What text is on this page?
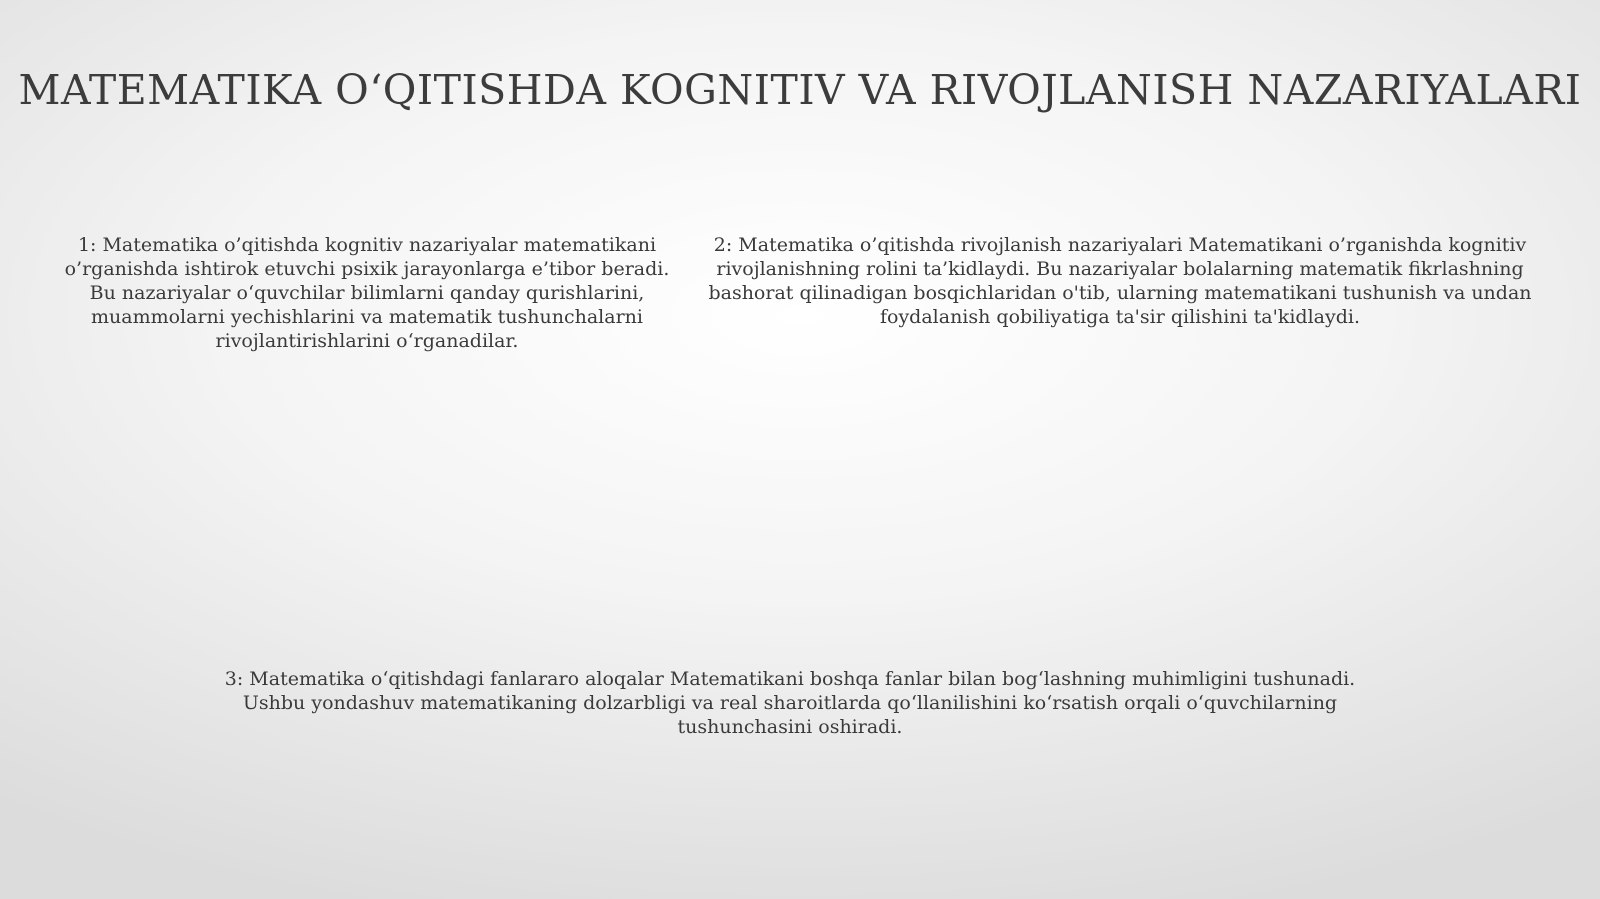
MATEMATIKA O‘QITISHDA KOGNITIV VA RIVOJLANISH NAZARIYALARI
1: Matematika o’qitishda kognitiv nazariyalar matematikani o’rganishda ishtirok etuvchi psixik jarayonlarga e’tibor beradi. Bu nazariyalar o‘quvchilar bilimlarni qanday qurishlarini, muammolarni yechishlarini va matematik tushunchalarni rivojlantirishlarini o‘rganadilar.
2: Matematika o’qitishda rivojlanish nazariyalari Matematikani o’rganishda kognitiv rivojlanishning rolini ta’kidlaydi. Bu nazariyalar bolalarning matematik fikrlashning bashorat qilinadigan bosqichlaridan o'tib, ularning matematikani tushunish va undan foydalanish qobiliyatiga ta'sir qilishini ta'kidlaydi.
3: Matematika o‘qitishdagi fanlararo aloqalar Matematikani boshqa fanlar bilan bog‘lashning muhimligini tushunadi. Ushbu yondashuv matematikaning dolzarbligi va real sharoitlarda qo‘llanilishini ko‘rsatish orqali o‘quvchilarning tushunchasini oshiradi.
